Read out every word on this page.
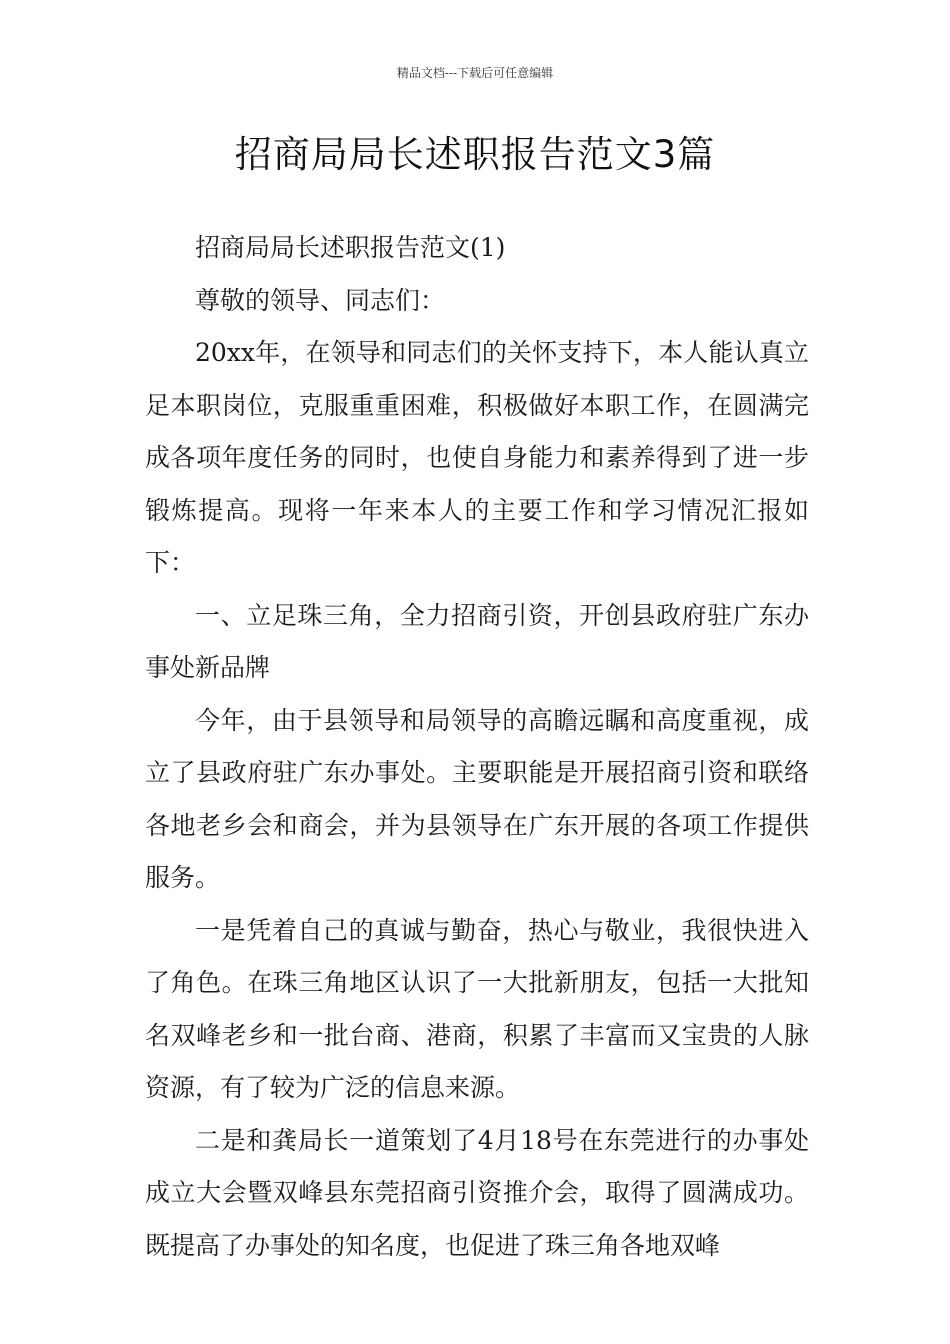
精品文档---下载后可任意编辑
招商局局长述职报告范文3篇

招商局局长述职报告范文(1)

尊敬的领导、同志们：

20xx年，在领导和同志们的关怀支持下，本人能认真立足本职岗位，克服重重困难，积极做好本职工作，在圆满完成各项年度任务的同时，也使自身能力和素养得到了进一步锻炼提高。现将一年来本人的主要工作和学习情况汇报如下：

一、立足珠三角，全力招商引资，开创县政府驻广东办事处新品牌

今年，由于县领导和局领导的高瞻远瞩和高度重视，成立了县政府驻广东办事处。主要职能是开展招商引资和联络各地老乡会和商会，并为县领导在广东开展的各项工作提供服务。

一是凭着自己的真诚与勤奋，热心与敬业，我很快进入了角色。在珠三角地区认识了一大批新朋友，包括一大批知名双峰老乡和一批台商、港商，积累了丰富而又宝贵的人脉资源，有了较为广泛的信息来源。

二是和龚局长一道策划了4月18号在东莞进行的办事处成立大会暨双峰县东莞招商引资推介会，取得了圆满成功。既提高了办事处的知名度，也促进了珠三角各地双峰
